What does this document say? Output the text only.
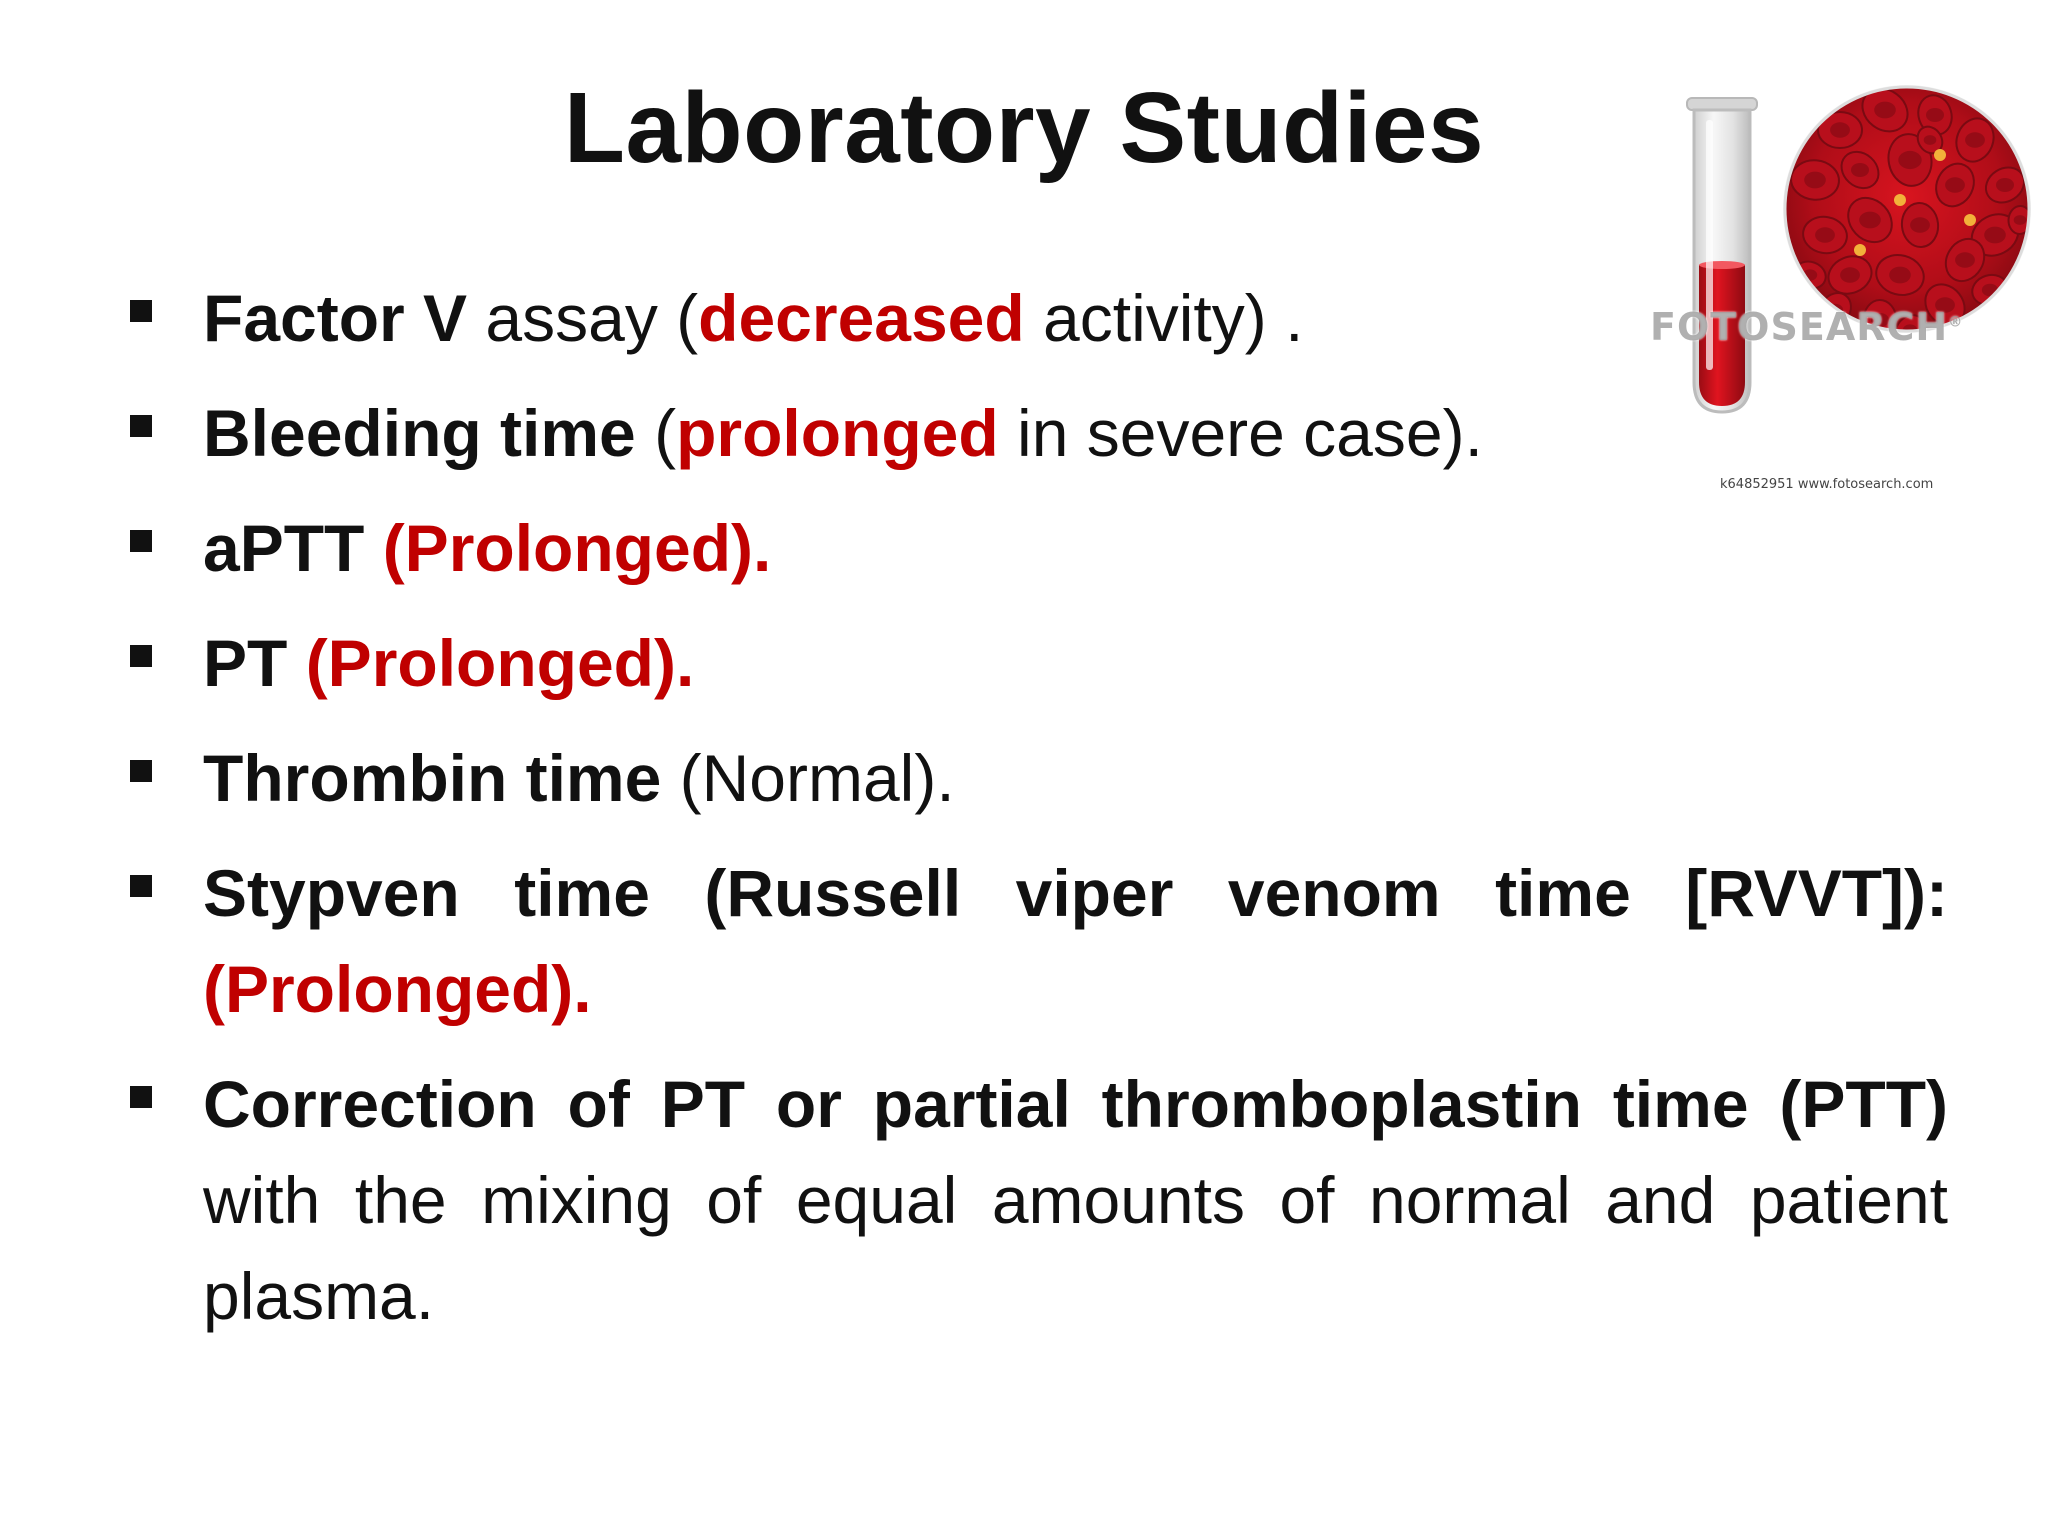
Laboratory Studies
Factor V assay (decreased activity) .
Bleeding time (prolonged in severe case).
aPTT (Prolonged).
PT (Prolonged).
Thrombin time (Normal).
Stypven time (Russell viper venom time [RVVT]): (Prolonged).
Correction of PT or partial thromboplastin time (PTT) with the mixing of equal amounts of normal and patient plasma.
FOTOSEARCH®
k64852951 www.fotosearch.com
